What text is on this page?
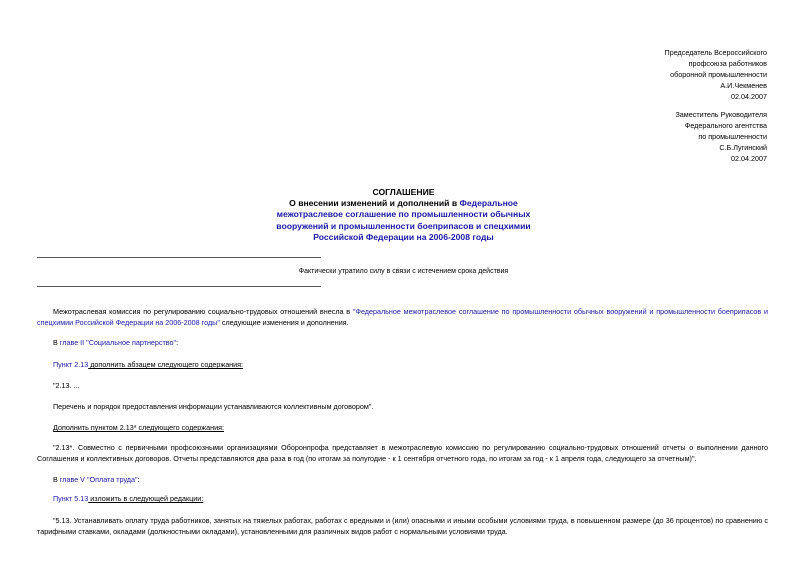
Председатель Всероссийского
профсоюза работников
оборонной промышленности
А.И.Чекменев
02.04.2007
Заместитель Руководителя
Федерального агентства
по промышленности
С.Б.Лугинский
02.04.2007
СОГЛАШЕНИЕ
О внесении изменений и дополнений в Федеральное
межотраслевое соглашение по промышленности обычных
вооружений и промышленности боеприпасов и спецхимии
Российской Федерации на 2006-2008 годы
Фактически утратило силу в связи с истечением срока действия
Межотраслевая комиссия по регулированию социально-трудовых отношений внесла в "Федеральное межотраслевое соглашение по промышленности обычных вооружений и промышленности боеприпасов и спецхимии Российской Федерации на 2006-2008 годы" следующие изменения и дополнения.
В главе II "Социальное партнерство":
Пункт 2.13 дополнить абзацем следующего содержания:
"2.13. ...
Перечень и порядок предоставления информации устанавливаются коллективным договором".
Дополнить пунктом 2.13* следующего содержания:
"2.13*. Совместно с первичными профсоюзными организациями Оборонпрофа представляет в межотраслевую комиссию по регулированию социально-трудовых отношений отчеты о выполнении данного Соглашения и коллективных договоров. Отчеты представляются два раза в год (по итогам за полугодие - к 1 сентября отчетного года, по итогам за год - к 1 апреля года, следующего за отчетным)".
В главе V "Оплата труда":
Пункт 5.13 изложить в следующей редакции:
"5.13. Устанавливать оплату труда работников, занятых на тяжелых работах, работах с вредными и (или) опасными и иными особыми условиями труда, в повышенном размере (до 36 процентов) по сравнению с тарифными ставками, окладами (должностными окладами), установленными для различных видов работ с нормальными условиями труда.
